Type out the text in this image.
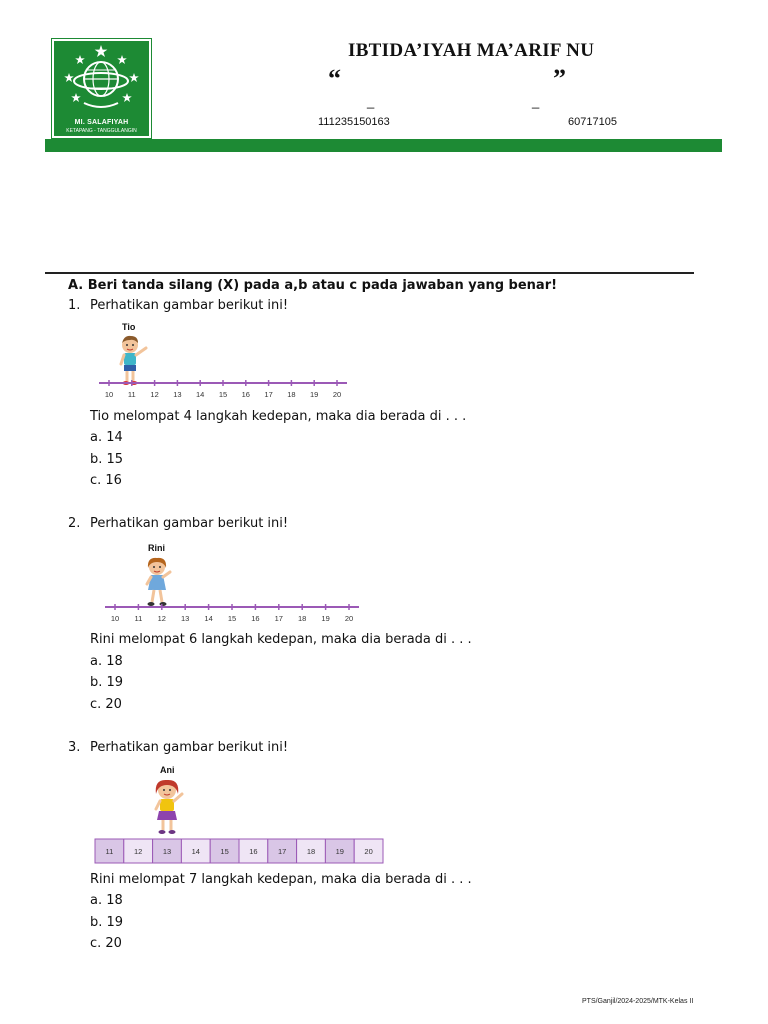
MI. SALAFIYAH
KETAPANG - TANGGULANGIN
IBTIDA’IYAH MA’ARIF NU
“	”
_	_
111235150163	60717105
A. Beri tanda silang (X) pada a,b atau c pada jawaban yang benar!
1. Perhatikan gambar berikut ini!
Tio
10 11 12 13 14 15 16 17 18 19 20
Tio melompat 4 langkah kedepan, maka dia berada di . . .
a. 14
b. 15
c. 16
2. Perhatikan gambar berikut ini!
Rini
10 11 12 13 14 15 16 17 18 19 20
Rini melompat 6 langkah kedepan, maka dia berada di . . .
a. 18
b. 19
c. 20
3. Perhatikan gambar berikut ini!
Ani
11	12	13	14	15	16	17	18	19	20
Rini melompat 7 langkah kedepan, maka dia berada di . . .
a. 18
b. 19
c. 20
PTS/Ganjil/2024-2025/MTK-Kelas II
